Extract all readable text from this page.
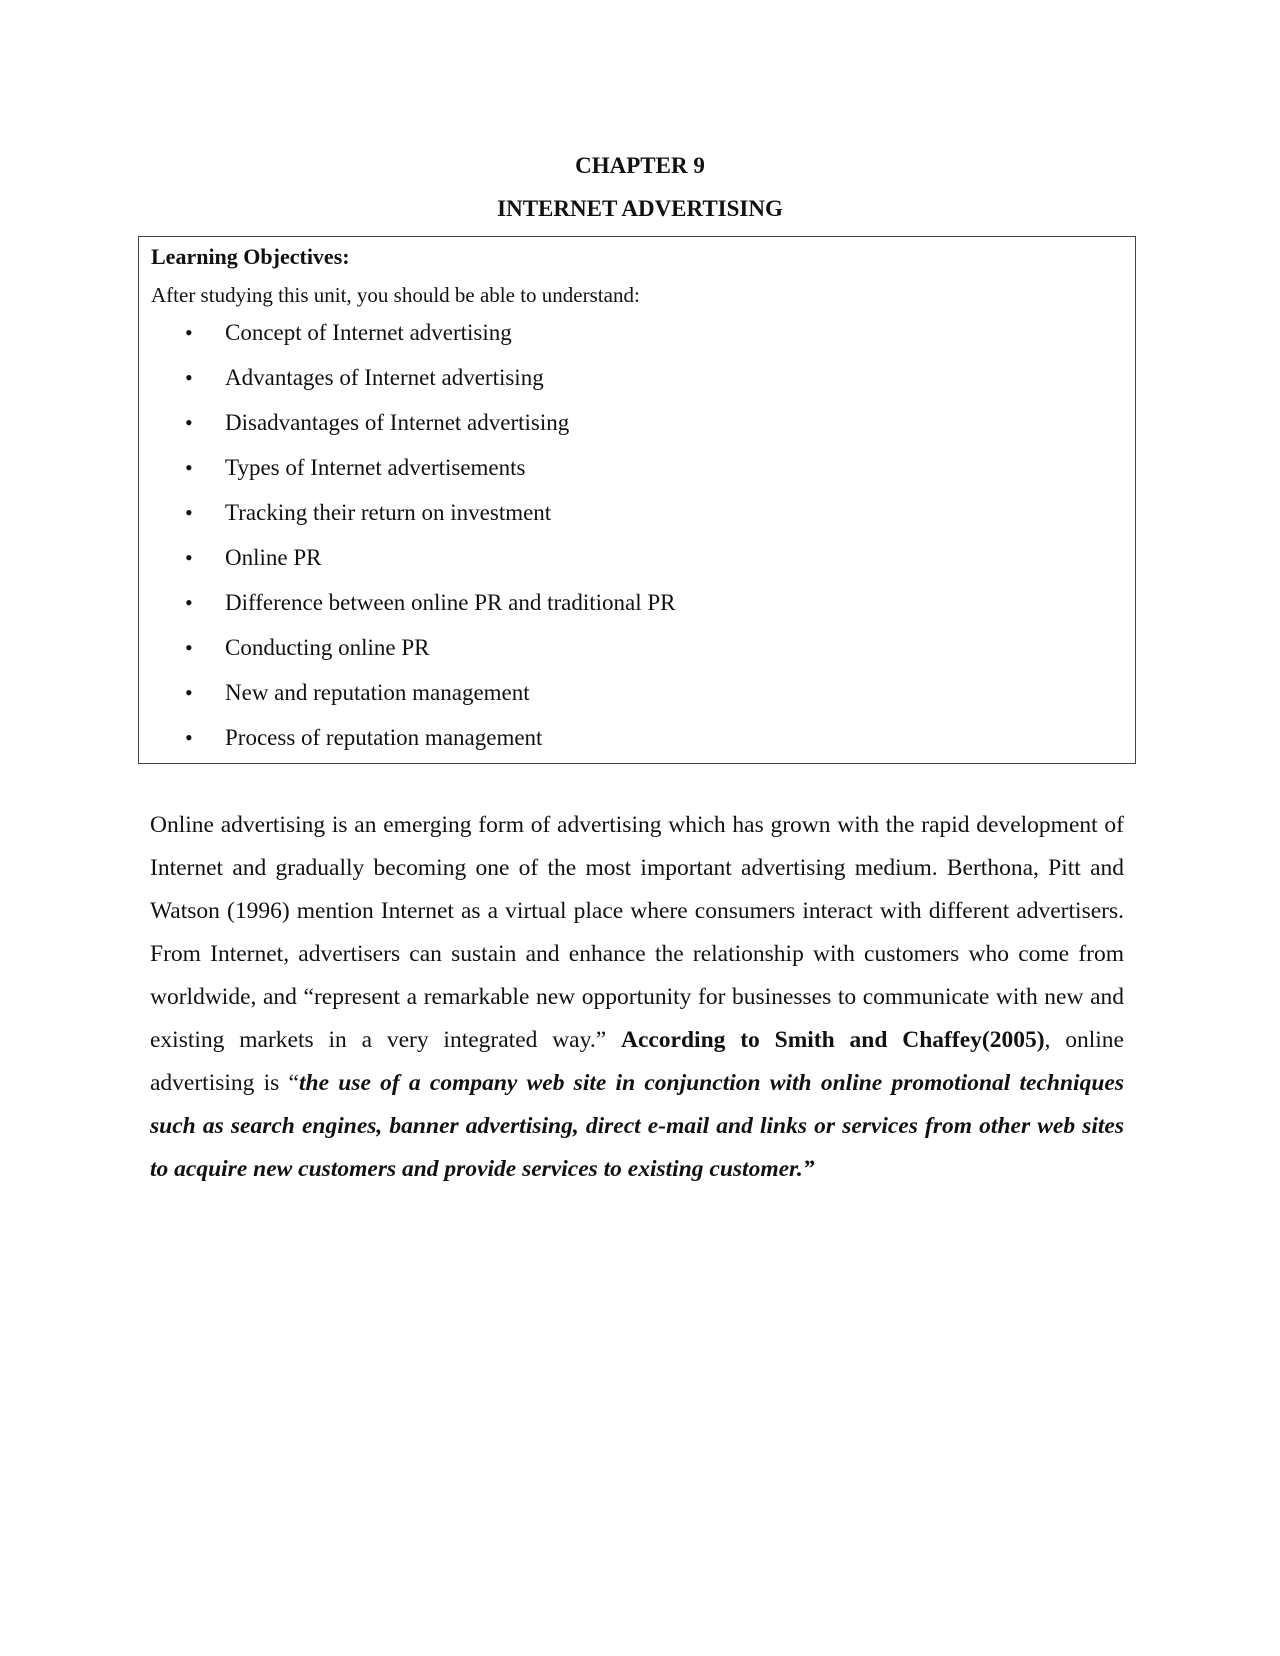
CHAPTER 9
INTERNET ADVERTISING
Learning Objectives:
After studying this unit, you should be able to understand:
• Concept of Internet advertising
• Advantages of Internet advertising
• Disadvantages of Internet advertising
• Types of Internet advertisements
• Tracking their return on investment
• Online PR
• Difference between online PR and traditional PR
• Conducting online PR
• New and reputation management
• Process of reputation management

Online advertising is an emerging form of advertising which has grown with the rapid development of Internet and gradually becoming one of the most important advertising medium. Berthona, Pitt and Watson (1996) mention Internet as a virtual place where consumers interact with different advertisers. From Internet, advertisers can sustain and enhance the relationship with customers who come from worldwide, and “represent a remarkable new opportunity for businesses to communicate with new and existing markets in a very integrated way.” According to Smith and Chaffey(2005), online advertising is “the use of a company web site in conjunction with online promotional techniques such as search engines, banner advertising, direct e-mail and links or services from other web sites to acquire new customers and provide services to existing customer.”
